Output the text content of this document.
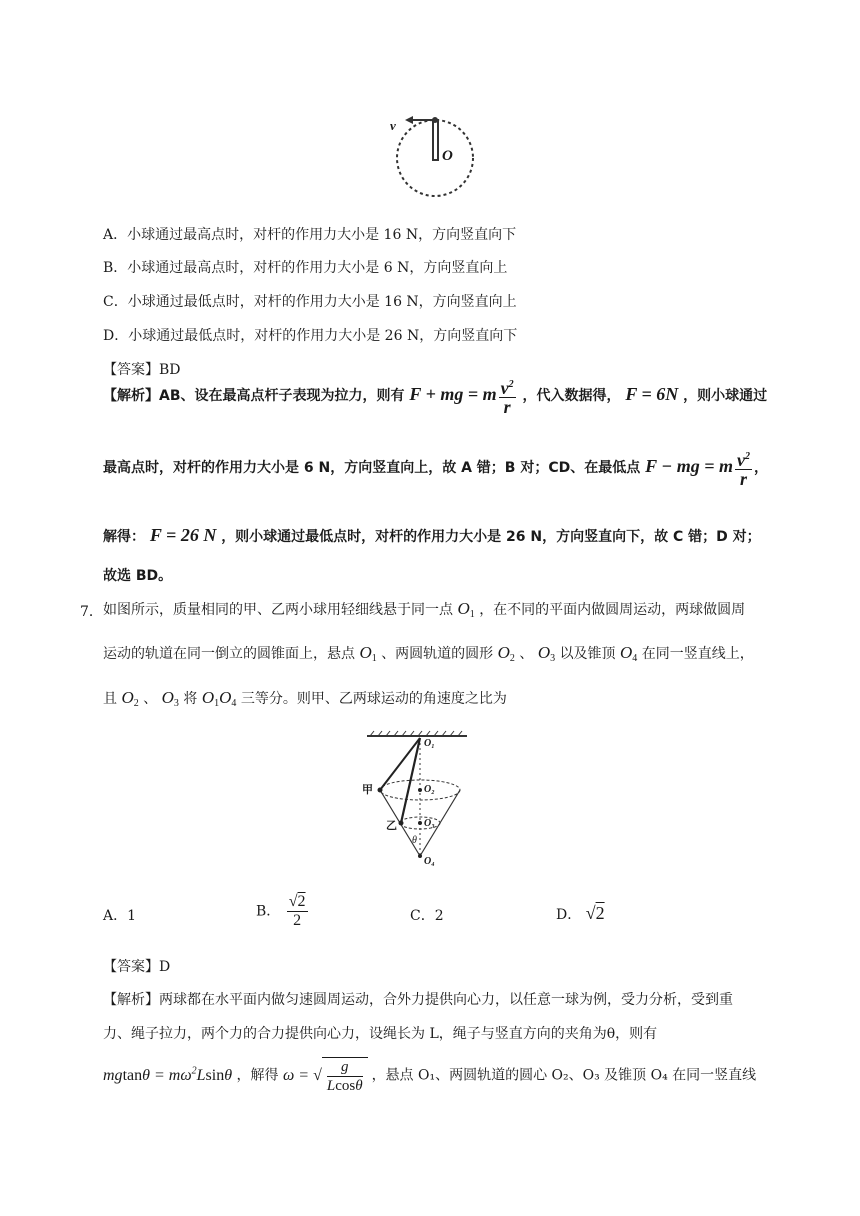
v
O
A．小球通过最高点时，对杆的作用力大小是 16 N，方向竖直向下
B．小球通过最高点时，对杆的作用力大小是 6 N，方向竖直向上
C．小球通过最低点时，对杆的作用力大小是 16 N，方向竖直向上
D．小球通过最低点时，对杆的作用力大小是 26 N，方向竖直向下
【答案】BD
【解析】AB、设在最高点杆子表现为拉力，则有 F + mg = m $\frac{v^2}{r}$ ，代入数据得， F = 6N ，则小球通过
最高点时，对杆的作用力大小是 6 N，方向竖直向上，故 A 错；B 对；CD、在最低点 F − mg = m $\frac{v^2}{r}$ ，
解得： F = 26 N ，则小球通过最低点时，对杆的作用力大小是 26 N，方向竖直向下，故 C 错；D 对；
故选 BD。
7． 如图所示，质量相同的甲、乙两小球用轻细线悬于同一点 $O_1$ ，在不同的平面内做圆周运动，两球做圆周
运动的轨道在同一倒立的圆锥面上，悬点 $O_1$ 、两圆轨道的圆形 $O_2$ 、 $O_3$ 以及锥顶 $O_4$ 在同一竖直线上，
且 $O_2$ 、 $O_3$ 将 $O_1O_4$ 三等分。则甲、乙两球运动的角速度之比为
甲
乙
θ
O₁
O₂
O₃
O₄
A．1	B． $\frac{√2}{2}$	C．2	D． √2
【答案】D
【解析】两球都在水平面内做匀速圆周运动，合外力提供向心力，以任意一球为例，受力分析，受到重
力、绳子拉力，两个力的合力提供向心力，设绳长为 L，绳子与竖直方向的夹角为θ，则有
$mgtan\theta = m\omega^2Lsin\theta$ ，解得 ω = √ $\frac{g}{Lcos\theta}$ ，悬点 O₁、两圆轨道的圆心 O₂、O₃ 及锥顶 O₄ 在同一竖直线
